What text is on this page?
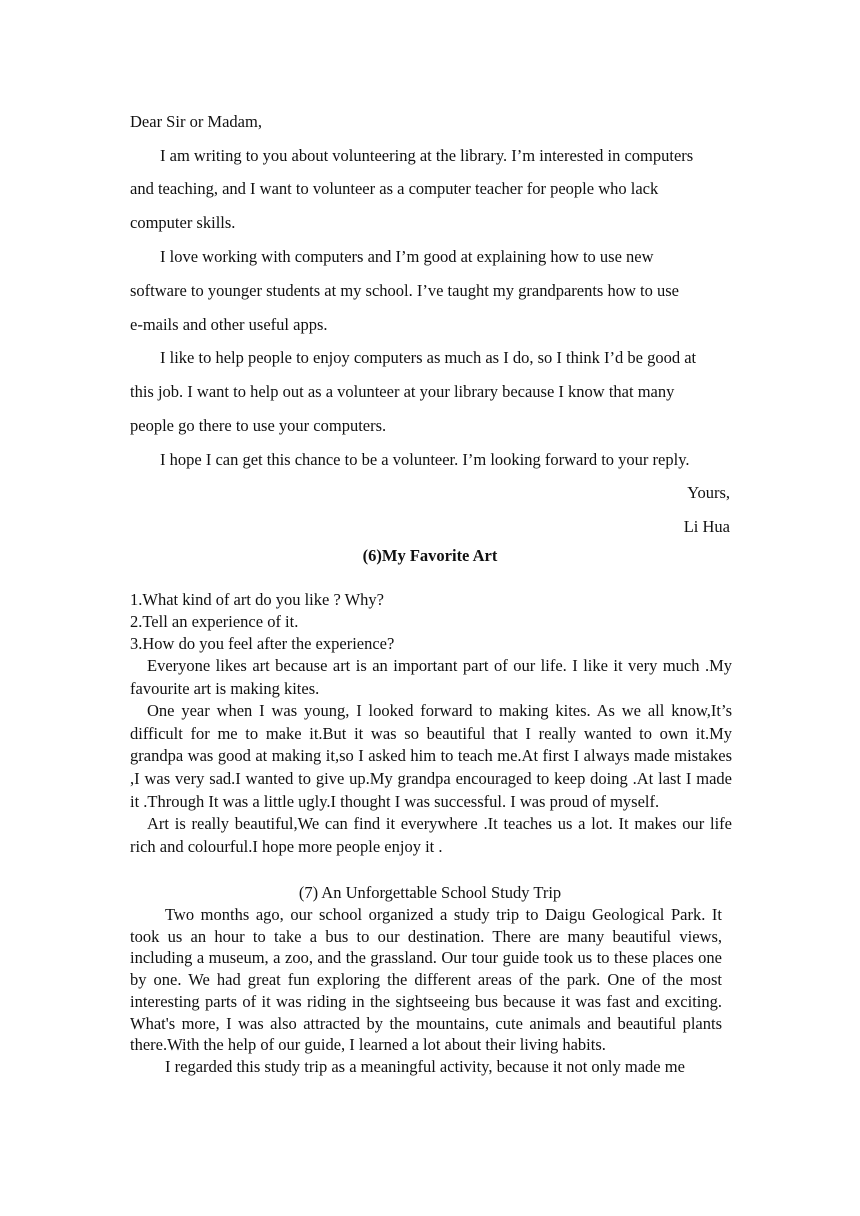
Dear Sir or Madam,
I am writing to you about volunteering at the library. I’m interested in computers
and teaching, and I want to volunteer as a computer teacher for people who lack
computer skills.
I love working with computers and I’m good at explaining how to use new
software to younger students at my school. I’ve taught my grandparents how to use
e-mails and other useful apps.
I like to help people to enjoy computers as much as I do, so I think I’d be good at
this job. I want to help out as a volunteer at your library because I know that many
people go there to use your computers.
I hope I can get this chance to be a volunteer. I’m looking forward to your reply.
Yours,
Li Hua
(6)My Favorite Art

1.What kind of art do you like ? Why?

2.Tell an experience of it.

3.How do you feel after the experience?

Everyone likes art because art is an important part of our life. I like it very much .My favourite art is making kites.

One year when I was young, I looked forward to making kites. As we all know,It’s difficult for me to make it.But it was so beautiful that I really wanted to own it.My grandpa was good at making it,so I asked him to teach me.At first I always made mistakes ,I was very sad.I wanted to give up.My grandpa encouraged to keep doing .At last I made it .Through It was a little ugly.I thought I was successful. I was proud of myself.

Art is really beautiful,We can find it everywhere .It teaches us a lot. It makes our life rich and colourful.I hope more people enjoy it .

(7) An Unforgettable School Study Trip

Two months ago, our school organized a study trip to Daigu Geological Park. It took us an hour to take a bus to our destination. There are many beautiful views, including a museum, a zoo, and the grassland. Our tour guide took us to these places one by one. We had great fun exploring the different areas of the park. One of the most interesting parts of it was riding in the sightseeing bus because it was fast and exciting. What's more, I was also attracted by the mountains, cute animals and beautiful plants there.With the help of our guide, I learned a lot about their living habits.

I regarded this study trip as a meaningful activity, because it not only made me
